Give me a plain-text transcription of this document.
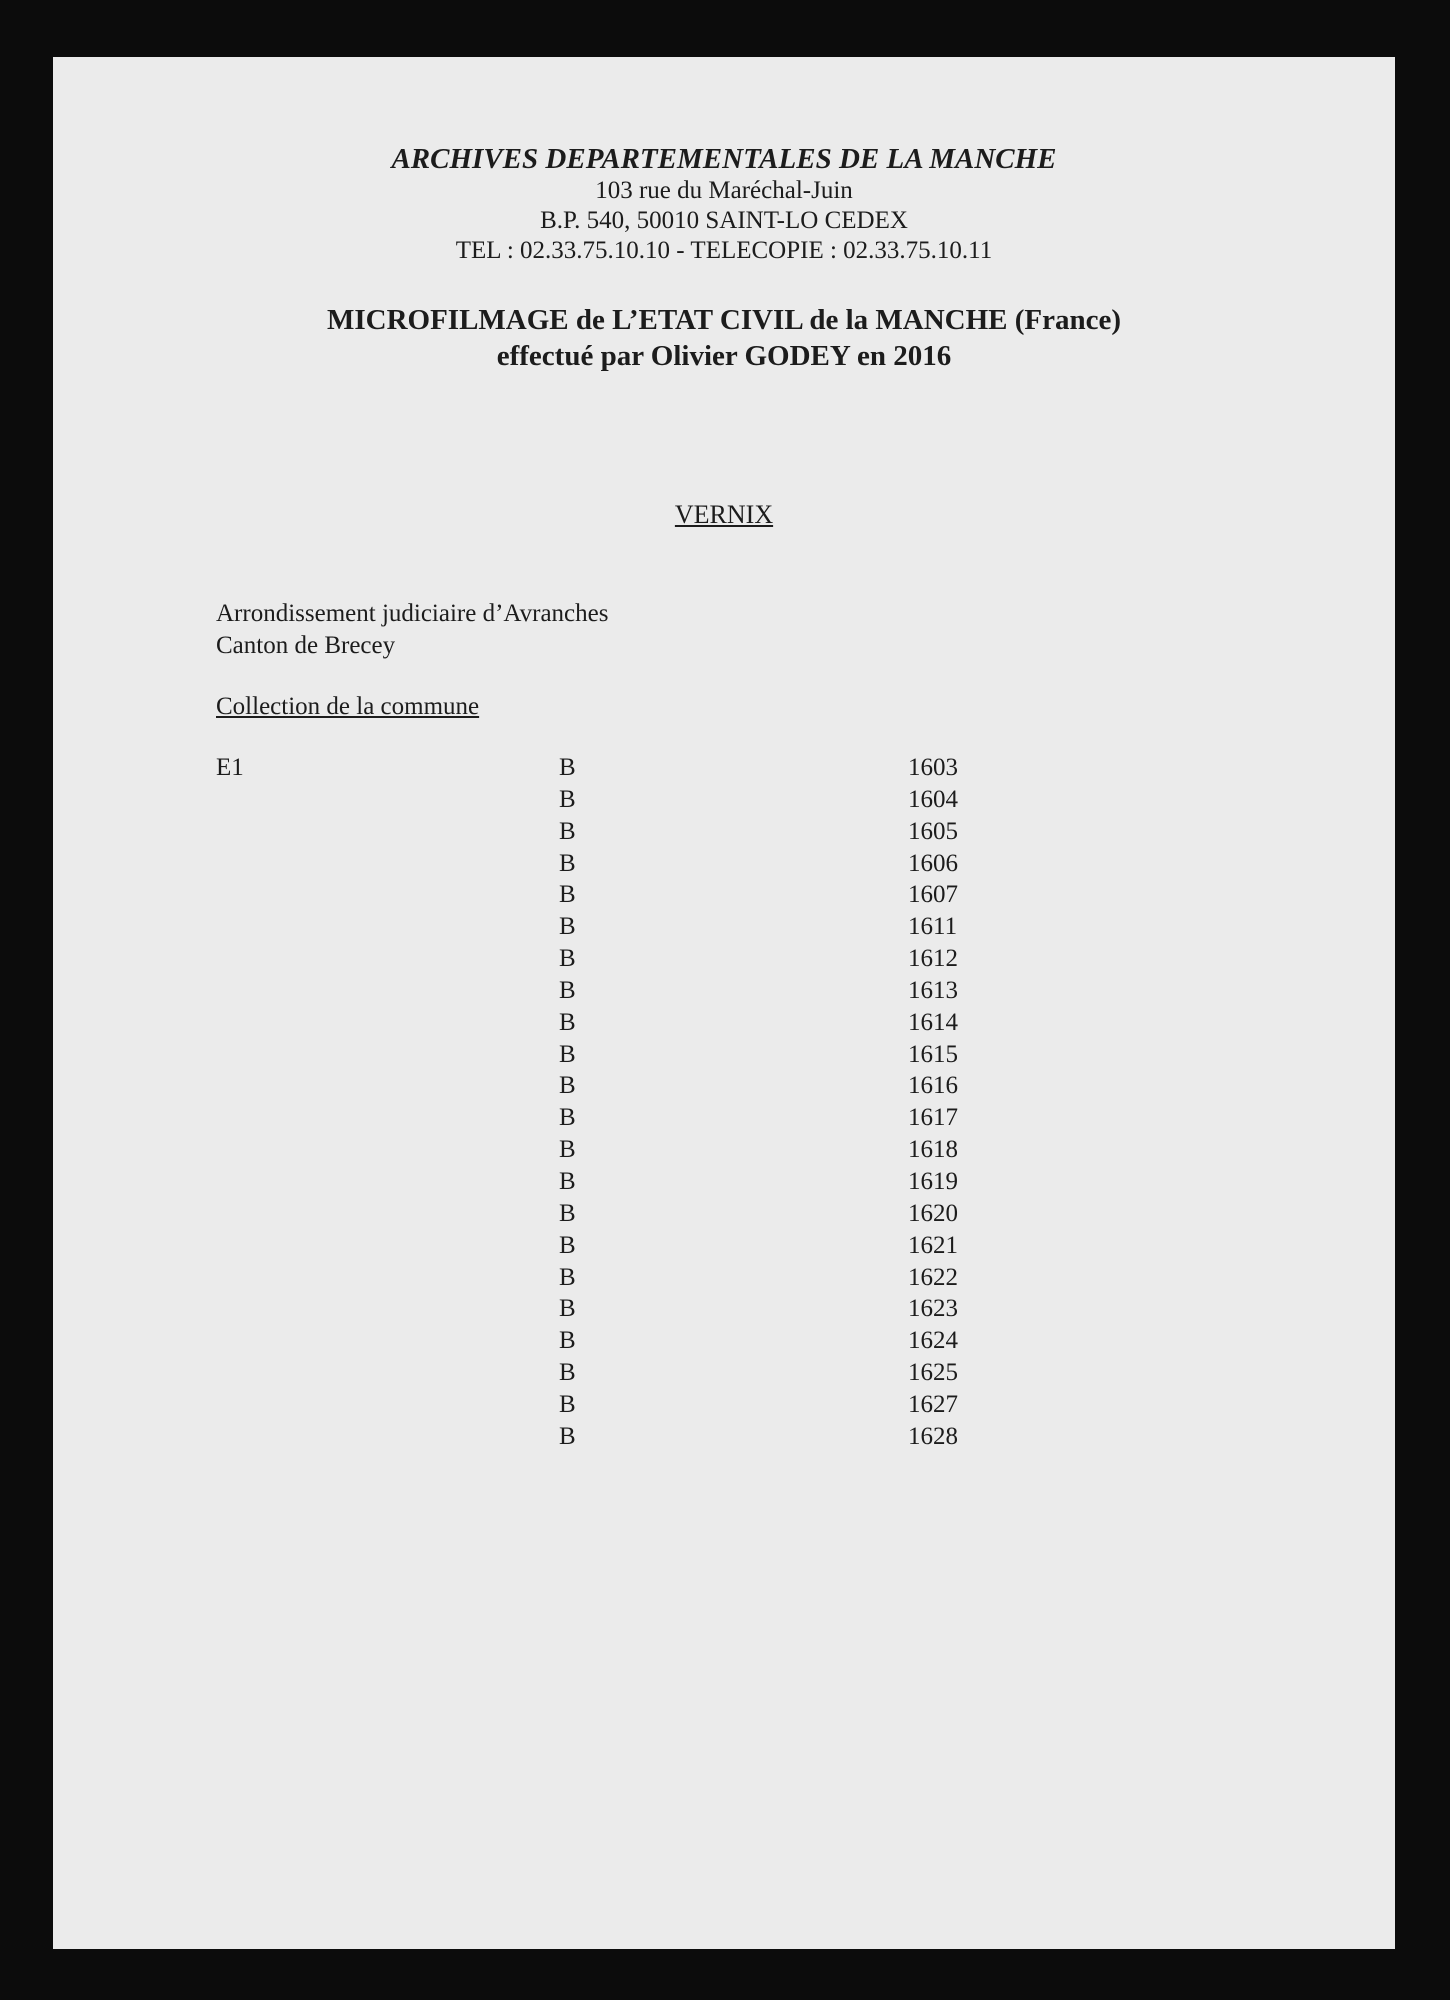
ARCHIVES DEPARTEMENTALES DE LA MANCHE
103 rue du Maréchal-Juin
B.P. 540, 50010 SAINT-LO CEDEX
TEL : 02.33.75.10.10 - TELECOPIE : 02.33.75.10.11
MICROFILMAGE de L’ETAT CIVIL de la MANCHE (France)
effectué par Olivier GODEY en 2016
VERNIX
Arrondissement judiciaire d’Avranches
Canton de Brecey
Collection de la commune
E1	B	1603
B	1604
B	1605
B	1606
B	1607
B	1611
B	1612
B	1613
B	1614
B	1615
B	1616
B	1617
B	1618
B	1619
B	1620
B	1621
B	1622
B	1623
B	1624
B	1625
B	1627
B	1628
